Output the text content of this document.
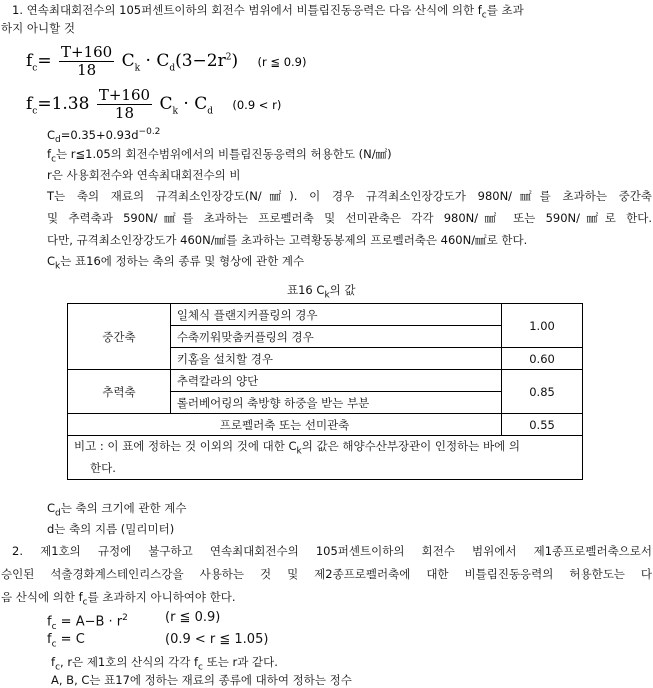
1. 연속최대회전수의 105퍼센트이하의 회전수 범위에서 비틀림진동응력은 다음 산식에 의한 $f_c$를 초과
하지 아니할 것
$f_c= \frac{T+160}{18} C_k \cdot C_d(3-2r^2)$ (r ≦ 0.9)
$f_c=1.38 \frac{T+160}{18} C_k \cdot C_d$ (0.9 < r)
$C_d=0.35+0.93d^{-0.2}$
$f_c$는 r≦1.05의 회전수범위에서의 비틀림진동응력의 허용한도 (N/㎟)
r은 사용회전수와 연속최대회전수의 비
T는 축의 재료의 규격최소인장강도(N/㎟). 이 경우 규격최소인장강도가 980N/㎟를 초과하는 중간축
및 추력축과 590N/㎟를 초과하는 프로펠러축 및 선미관축은 각각 980N/㎟ 또는 590N/㎟로 한다.
다만, 규격최소인장강도가 460N/㎟를 초과하는 고력황동봉제의 프로펠러축은 460N/㎟로 한다.
$C_k$는 표16에 정하는 축의 종류 및 형상에 관한 계수
표16 $C_k$의 값
중간축	일체식 플랜지커플링의 경우	1.00
	수축끼워맞춤커플링의 경우	
	키홈을 설치할 경우	0.60
추력축	추력칼라의 양단	0.85
	롤러베어링의 축방향 하중을 받는 부분	
프로펠러축 또는 선미관축		0.55
비고 : 이 표에 정하는 것 이외의 것에 대한 $C_k$의 값은 해양수산부장관이 인정하는 바에 의
한다.		
$C_d$는 축의 크기에 관한 계수
d는 축의 지름 (밀리미터)
2. 제1호의 규정에 불구하고 연속최대회전수의 105퍼센트이하의 회전수 범위에서 제1종프로펠러축으로서
승인된 석출경화계스테인리스강을 사용하는 것 및 제2종프로펠러축에 대한 비틀림진동응력의 허용한도는 다
음 산식에 의한 $f_c$를 초과하지 아니하여야 한다.
$f_c = A-B \cdot r^2$	(r ≦ 0.9)
$f_c = C$	(0.9 < r ≦ 1.05)
$f_c$, r은 제1호의 산식의 각각 $f_c$ 또는 r과 같다.
A, B, C는 표17에 정하는 재료의 종류에 대하여 정하는 정수
